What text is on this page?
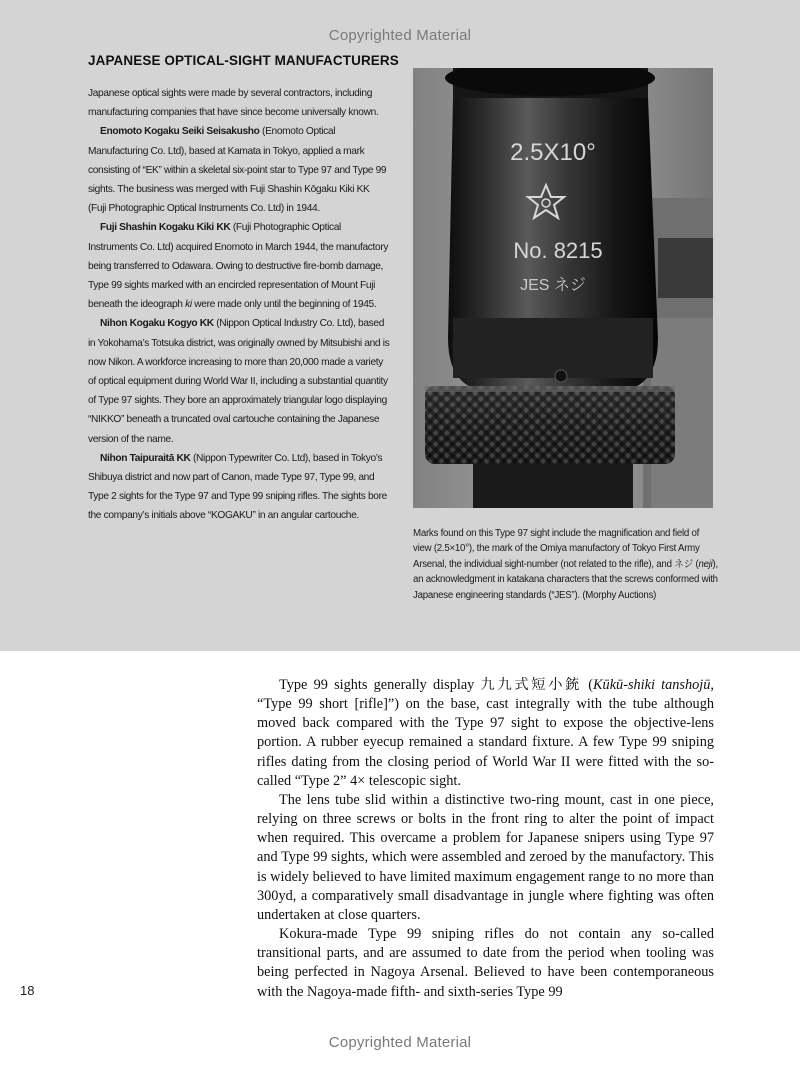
Copyrighted Material
JAPANESE OPTICAL-SIGHT MANUFACTURERS

Japanese optical sights were made by several contractors, including manufacturing companies that have since become universally known.

Enomoto Kogaku Seiki Seisakusho (Enomoto Optical Manufacturing Co. Ltd), based at Kamata in Tokyo, applied a mark consisting of “EK” within a skeletal six-point star to Type 97 and Type 99 sights. The business was merged with Fuji Shashin Kōgaku Kiki KK (Fuji Photographic Optical Instruments Co. Ltd) in 1944.

Fuji Shashin Kogaku Kiki KK (Fuji Photographic Optical Instruments Co. Ltd) acquired Enomoto in March 1944, the manufactory being transferred to Odawara. Owing to destructive fire-bomb damage, Type 99 sights marked with an encircled representation of Mount Fuji beneath the ideograph ki were made only until the beginning of 1945.

Nihon Kogaku Kogyo KK (Nippon Optical Industry Co. Ltd), based in Yokohama’s Totsuka district, was originally owned by Mitsubishi and is now Nikon. A workforce increasing to more than 20,000 made a variety of optical equipment during World War II, including a substantial quantity of Type 97 sights. They bore an approximately triangular logo displaying “NIKKO” beneath a truncated oval cartouche containing the Japanese version of the name.

Nihon Taipuraitā KK (Nippon Typewriter Co. Ltd), based in Tokyo’s Shibuya district and now part of Canon, made Type 97, Type 99, and Type 2 sights for the Type 97 and Type 99 sniping rifles. The sights bore the company’s initials above “KOGAKU” in an angular cartouche.

2.5X10°
No. 8215
JES ネジ
Marks found on this Type 97 sight include the magnification and field of view (2.5×10°), the mark of the Omiya manufactory of Tokyo First Army Arsenal, the individual sight-number (not related to the rifle), and ネジ (neji), an acknowledgment in katakana characters that the screws conformed with Japanese engineering standards (“JES”). (Morphy Auctions)

Type 99 sights generally display 九九式短小銃 (Kūkū-shiki tanshojū, “Type 99 short [rifle]”) on the base, cast integrally with the tube although moved back compared with the Type 97 sight to expose the objective-lens portion. A rubber eyecup remained a standard fixture. A few Type 99 sniping rifles dating from the closing period of World War II were fitted with the so-called “Type 2” 4× telescopic sight.

The lens tube slid within a distinctive two-ring mount, cast in one piece, relying on three screws or bolts in the front ring to alter the point of impact when required. This overcame a problem for Japanese snipers using Type 97 and Type 99 sights, which were assembled and zeroed by the manufactory. This is widely believed to have limited maximum engagement range to no more than 300yd, a comparatively small disadvantage in jungle where fighting was often undertaken at close quarters.

Kokura-made Type 99 sniping rifles do not contain any so-called transitional parts, and are assumed to date from the period when tooling was being perfected in Nagoya Arsenal. Believed to have been contemporaneous with the Nagoya-made fifth- and sixth-series Type 99

18
Copyrighted Material
